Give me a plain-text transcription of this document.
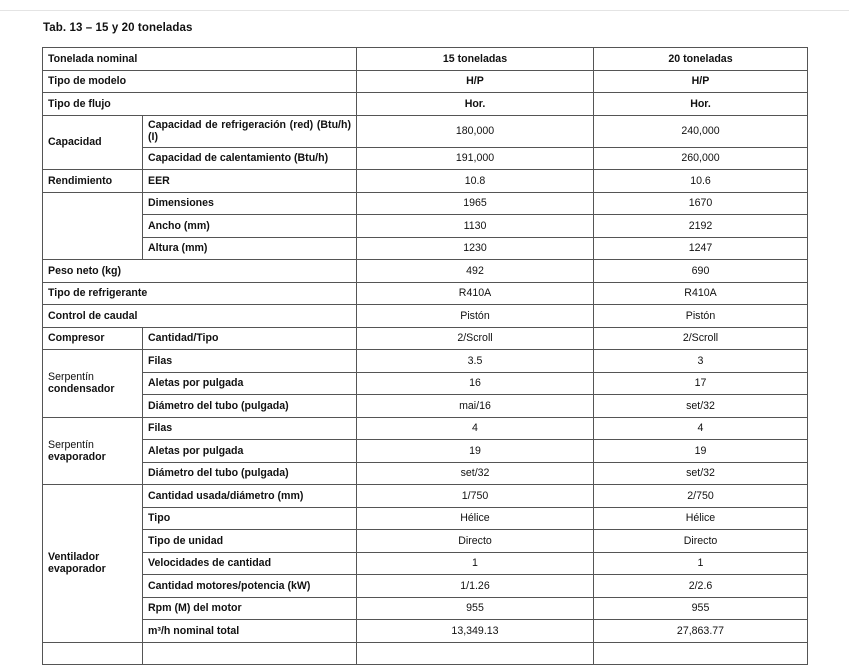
Tab. 13 – 15 y 20 toneladas
Tonelada nominal		15 toneladas	20 toneladas
Tipo de modelo		H/P	H/P
Tipo de flujo		Hor.	Hor.
Capacidad	Capacidad de refrigeración (red) (Btu/h) (I)	180,000	240,000
	Capacidad de calentamiento (Btu/h)	191,000	260,000
Rendimiento	EER	10.8	10.6
	Dimensiones	1965	1670
	Ancho (mm)	1130	2192
	Altura (mm)	1230	1247
Peso neto (kg)		492	690
Tipo de refrigerante		R410A	R410A
Control de caudal		Pistón	Pistón
Compresor	Cantidad/Tipo	2/Scroll	2/Scroll
Serpentín
condensador	Filas	3.5	3
	Aletas por pulgada	16	17
	Diámetro del tubo (pulgada)	mai/16	set/32
Serpentín
evaporador	Filas	4	4
	Aletas por pulgada	19	19
	Diámetro del tubo (pulgada)	set/32	set/32
Ventilador
evaporador	Cantidad usada/diámetro (mm)	1/750	2/750
	Tipo	Hélice	Hélice
	Tipo de unidad	Directo	Directo
	Velocidades de cantidad	1	1
	Cantidad motores/potencia (kW)	1/1.26	2/2.6
	Rpm (M) del motor	955	955
	m³/h nominal total	13,349.13	27,863.77
